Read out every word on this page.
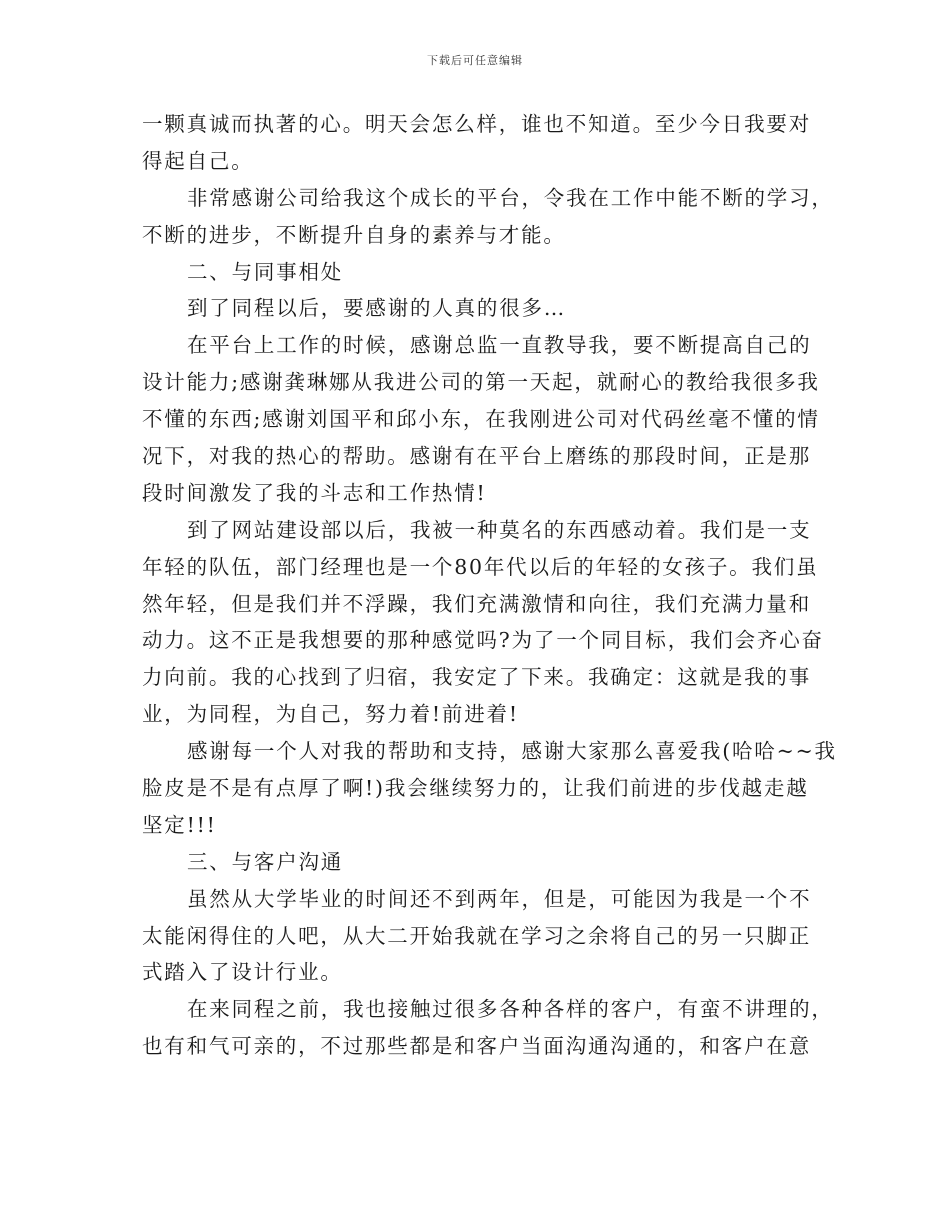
下载后可任意编辑
一颗真诚而执著的心。明天会怎么样，谁也不知道。至少今日我要对
得起自己。
非常感谢公司给我这个成长的平台，令我在工作中能不断的学习，
不断的进步，不断提升自身的素养与才能。
二、与同事相处
到了同程以后，要感谢的人真的很多…
在平台上工作的时候，感谢总监一直教导我，要不断提高自己的
设计能力;感谢龚琳娜从我进公司的第一天起，就耐心的教给我很多我
不懂的东西;感谢刘国平和邱小东，在我刚进公司对代码丝毫不懂的情
况下，对我的热心的帮助。感谢有在平台上磨练的那段时间，正是那
段时间激发了我的斗志和工作热情!
到了网站建设部以后，我被一种莫名的东西感动着。我们是一支
年轻的队伍，部门经理也是一个80年代以后的年轻的女孩子。我们虽
然年轻，但是我们并不浮躁，我们充满激情和向往，我们充满力量和
动力。这不正是我想要的那种感觉吗?为了一个同目标，我们会齐心奋
力向前。我的心找到了归宿，我安定了下来。我确定：这就是我的事
业，为同程，为自己，努力着!前进着!
感谢每一个人对我的帮助和支持，感谢大家那么喜爱我(哈哈~~我
脸皮是不是有点厚了啊!)我会继续努力的，让我们前进的步伐越走越
坚定!!!
三、与客户沟通
虽然从大学毕业的时间还不到两年，但是，可能因为我是一个不
太能闲得住的人吧，从大二开始我就在学习之余将自己的另一只脚正
式踏入了设计行业。
在来同程之前，我也接触过很多各种各样的客户，有蛮不讲理的，
也有和气可亲的，不过那些都是和客户当面沟通沟通的，和客户在意
